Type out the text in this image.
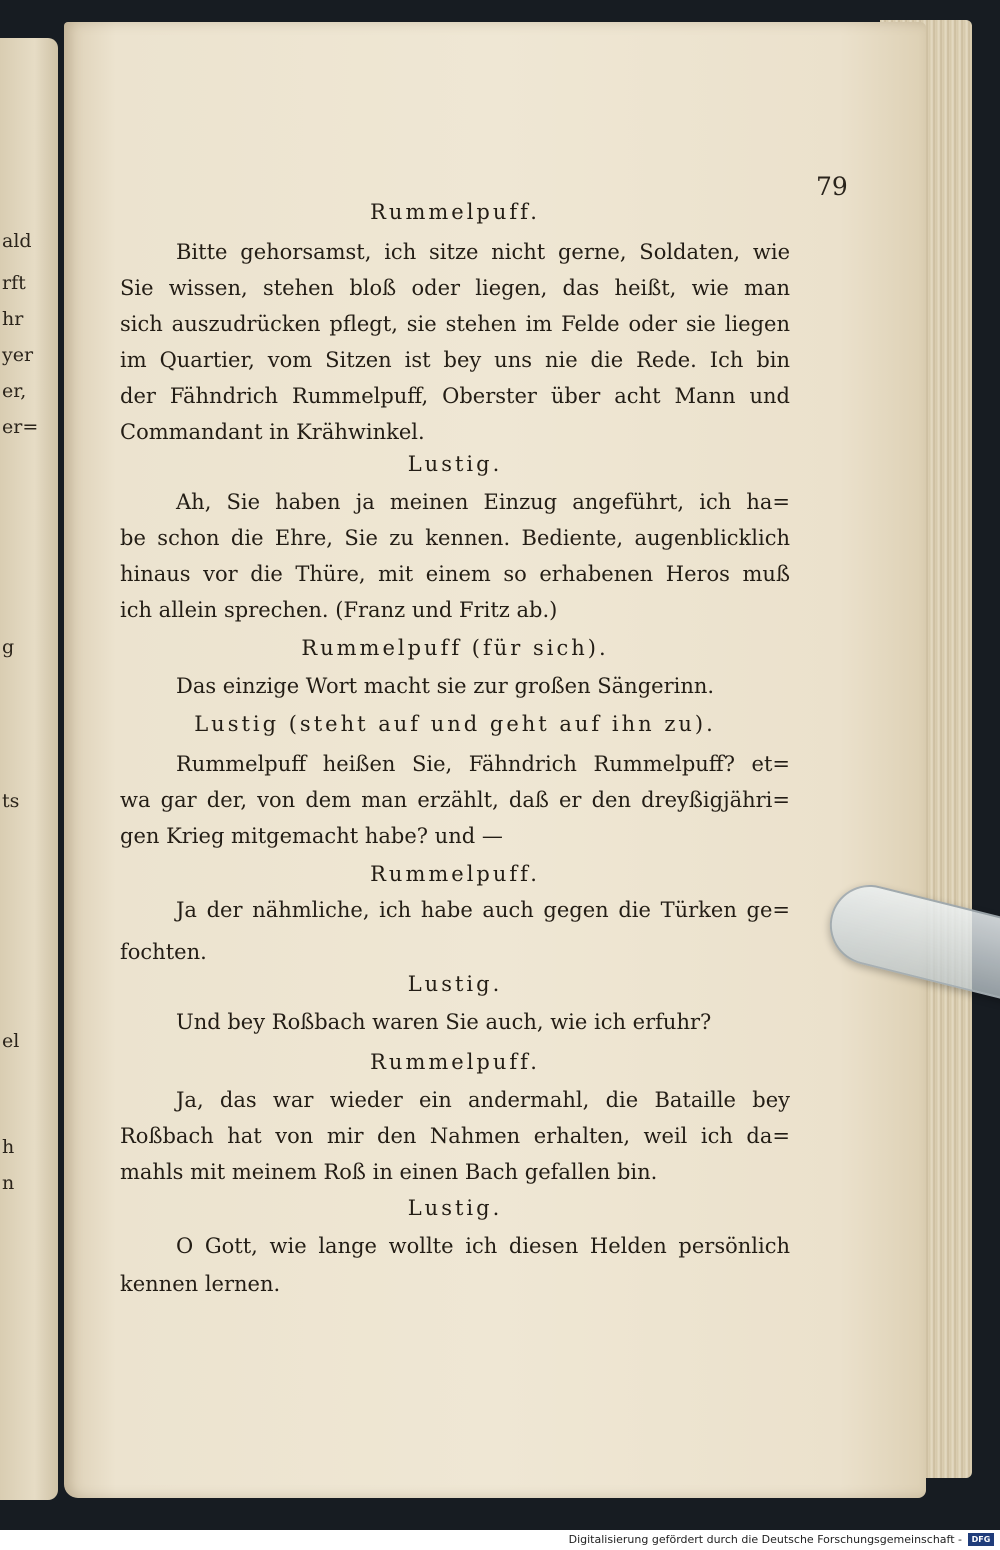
ald
rft
hr
yer
er,
er=
g
ts
el
h
n
79
Rummelpuff.
Bitte gehorsamst, ich sitze nicht gerne, Soldaten, wie
Sie wissen, stehen bloß oder liegen, das heißt, wie man
sich auszudrücken pflegt, sie stehen im Felde oder sie liegen
im Quartier, vom Sitzen ist bey uns nie die Rede. Ich bin
der Fähndrich Rummelpuff, Oberster über acht Mann und
Commandant in Krähwinkel.
Lustig.
Ah, Sie haben ja meinen Einzug angeführt, ich ha=
be schon die Ehre, Sie zu kennen. Bediente, augenblicklich
hinaus vor die Thüre, mit einem so erhabenen Heros muß
ich allein sprechen. (Franz und Fritz ab.)
Rummelpuff (für sich).
Das einzige Wort macht sie zur großen Sängerinn.
Lustig (steht auf und geht auf ihn zu).
Rummelpuff heißen Sie, Fähndrich Rummelpuff? et=
wa gar der, von dem man erzählt, daß er den dreyßigjähri=
gen Krieg mitgemacht habe? und —
Rummelpuff.
Ja der nähmliche, ich habe auch gegen die Türken ge=
fochten.
Lustig.
Und bey Roßbach waren Sie auch, wie ich erfuhr?
Rummelpuff.
Ja, das war wieder ein andermahl, die Bataille bey
Roßbach hat von mir den Nahmen erhalten, weil ich da=
mahls mit meinem Roß in einen Bach gefallen bin.
Lustig.
O Gott, wie lange wollte ich diesen Helden persönlich
kennen lernen.
Digitalisierung gefördert durch die Deutsche Forschungsgemeinschaft -	DFG
